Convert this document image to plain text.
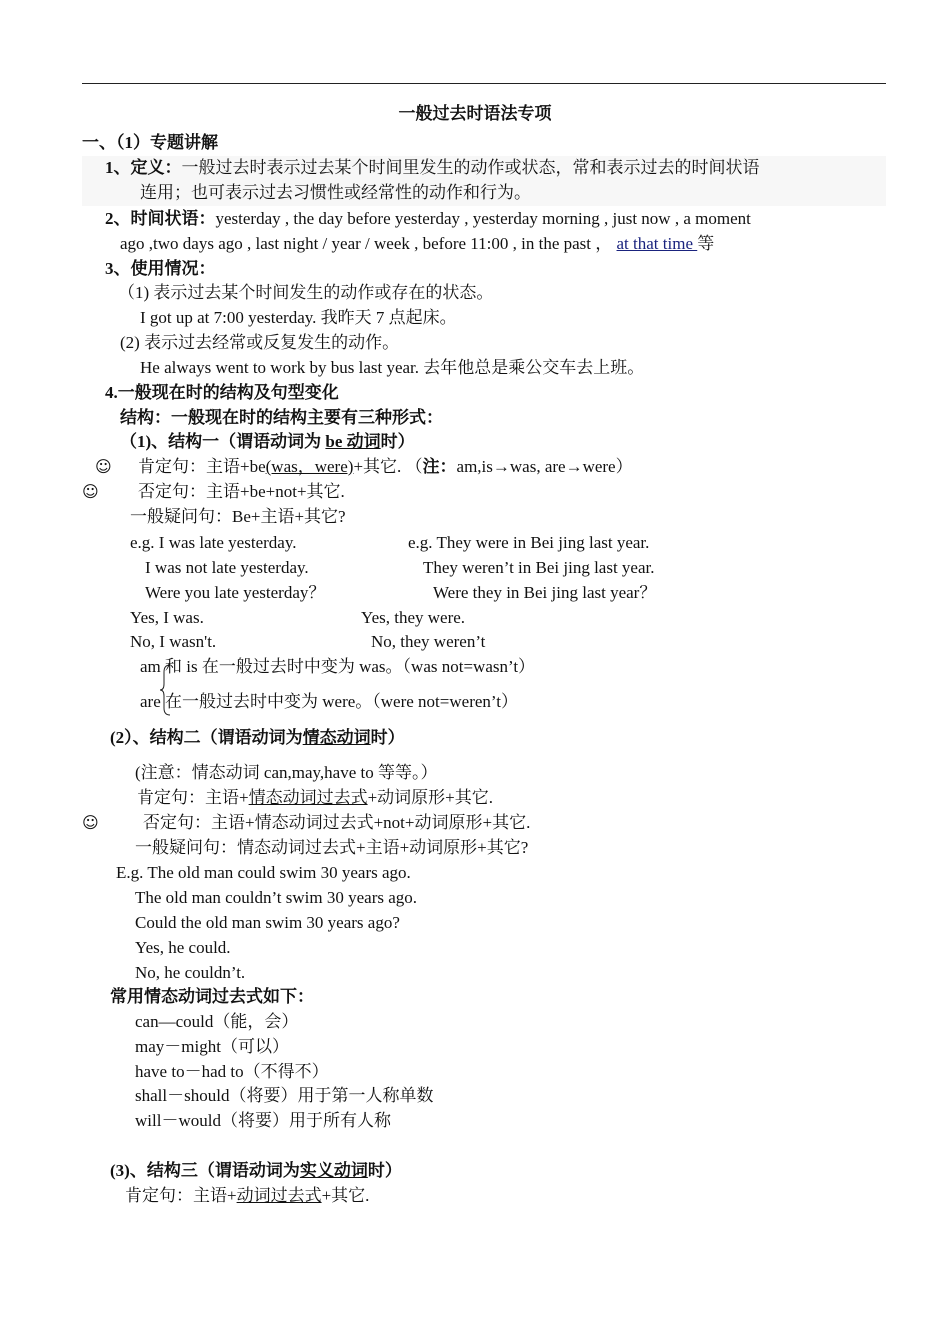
一般过去时语法专项
一、（1）专题讲解
1、定义：一般过去时表示过去某个时间里发生的动作或状态，常和表示过去的时间状语
连用；也可表示过去习惯性或经常性的动作和行为。
2、时间状语：yesterday , the day before yesterday , yesterday morning , just now , a moment
ago ,two days ago , last night / year / week , before 11:00 , in the past ， at that time 等
3、使用情况：
（1) 表示过去某个时间发生的动作或存在的状态。
I got up at 7:00 yesterday. 我昨天 7 点起床。
(2) 表示过去经常或反复发生的动作。
He always went to work by bus last year. 去年他总是乘公交车去上班。
4.一般现在时的结构及句型变化
结构：一般现在时的结构主要有三种形式：
（1)、结构一（谓语动词为 be 动词时）
☺ 肯定句：主语+be(was，were)+其它. （注：am,is→was, are→were）
☺ 否定句：主语+be+not+其它.
一般疑问句：Be+主语+其它?
e.g. I was late yesterday.
I was not late yesterday.
Were you late yesterday？
Yes, I was.
No, I wasn't.
e.g. They were in Bei jing last year.
They weren’t in Bei jing last year.
Were they in Bei jing last year？
Yes, they were.
No, they weren’t
am 和 is 在一般过去时中变为 was。（was not=wasn’t）
are 在一般过去时中变为 were。（were not=weren’t）
(2）、结构二（谓语动词为情态动词时）
(注意：情态动词 can,may,have to 等等。）
肯定句：主语+情态动词过去式+动词原形+其它.
☺	否定句：主语+情态动词过去式+not+动词原形+其它.
一般疑问句：情态动词过去式+主语+动词原形+其它?
E.g. The old man could swim 30 years ago.
The old man couldn’t swim 30 years ago.
Could the old man swim 30 years ago?
Yes, he could.
No, he couldn’t.
常用情态动词过去式如下：
can—could（能，会）
may－might（可以）
have to－had to（不得不）
shall－should（将要）用于第一人称单数
will－would（将要）用于所有人称
(3)、结构三（谓语动词为实义动词时）
肯定句：主语+动词过去式+其它.
